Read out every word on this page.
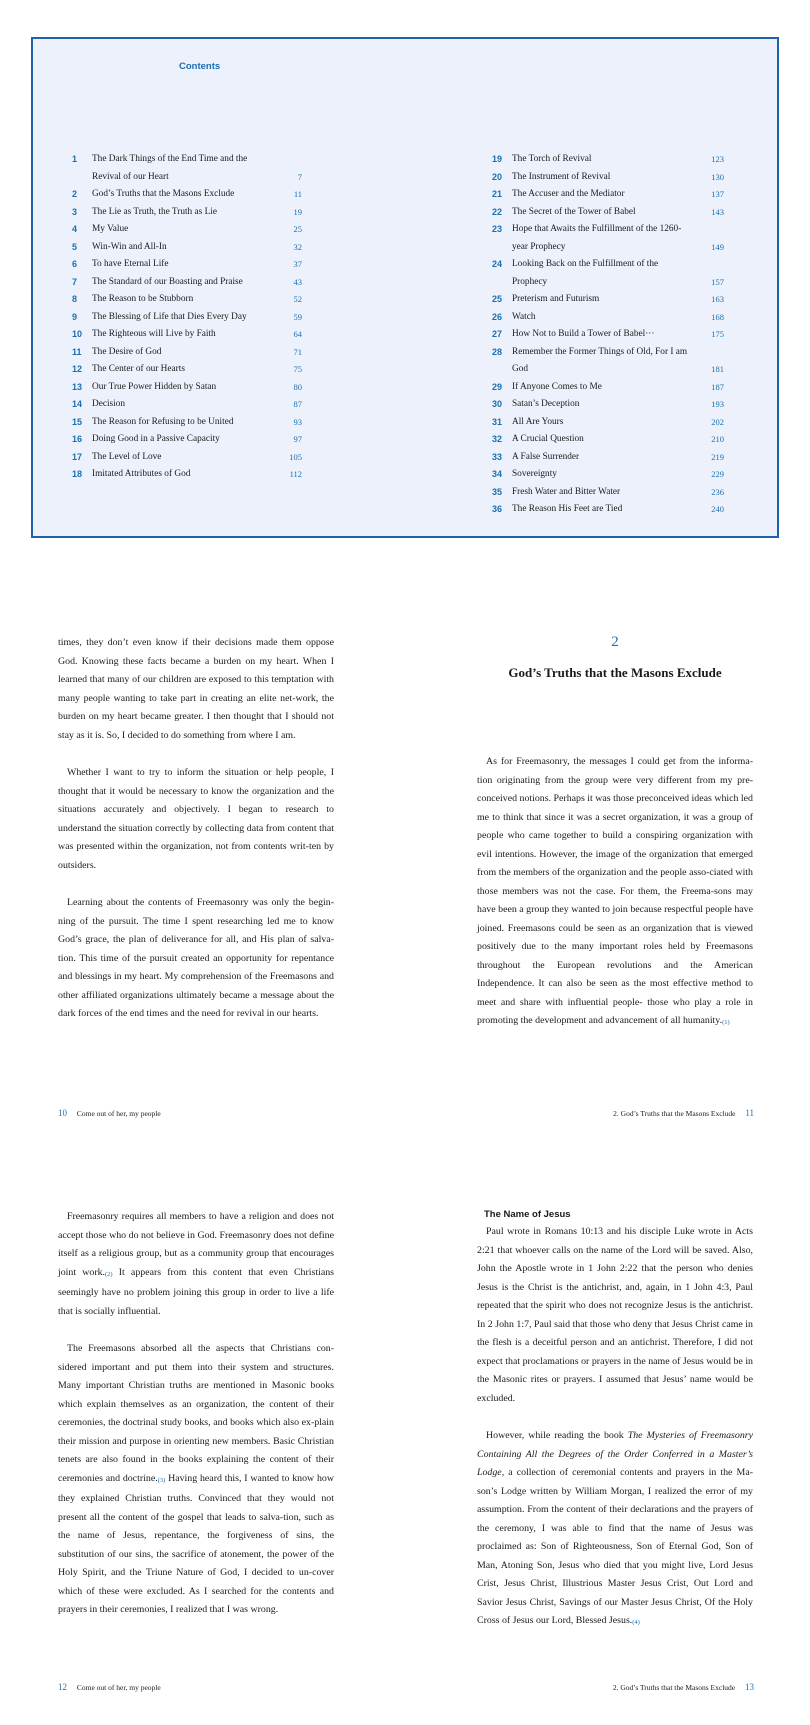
Contents
1	The Dark Things of the End Time and the Revival of our Heart	7
2	God’s Truths that the Masons Exclude	11
3	The Lie as Truth, the Truth as Lie	19
4	My Value	25
5	Win-Win and All-In	32
6	To have Eternal Life	37
7	The Standard of our Boasting and Praise	43
8	The Reason to be Stubborn	52
9	The Blessing of Life that Dies Every Day	59
10	The Righteous will Live by Faith	64
11	The Desire of God	71
12	The Center of our Hearts	75
13	Our True Power Hidden by Satan	80
14	Decision	87
15	The Reason for Refusing to be United	93
16	Doing Good in a Passive Capacity	97
17	The Level of Love	105
18	Imitated Attributes of God	112
19	The Torch of Revival	123
20	The Instrument of Revival	130
21	The Accuser and the Mediator	137
22	The Secret of the Tower of Babel	143
23	Hope that Awaits the Fulfillment of the 1260-year Prophecy	149
24	Looking Back on the Fulfillment of the Prophecy	157
25	Preterism and Futurism	163
26	Watch	168
27	How Not to Build a Tower of Babel···	175
28	Remember the Former Things of Old, For I am God	181
29	If Anyone Comes to Me	187
30	Satan’s Deception	193
31	All Are Yours	202
32	A Crucial Question	210
33	A False Surrender	219
34	Sovereignty	229
35	Fresh Water and Bitter Water	236
36	The Reason His Feet are Tied	240

times, they don’t even know if their decisions made them oppose God. Knowing these facts became a burden on my heart. When I learned that many of our children are exposed to this temptation with many people wanting to take part in creating an elite net-work, the burden on my heart became greater. I then thought that I should not stay as it is. So, I decided to do something from where I am.

Whether I want to try to inform the situation or help people, I thought that it would be necessary to know the organization and the situations accurately and objectively. I began to research to understand the situation correctly by collecting data from content that was presented within the organization, not from contents writ-ten by outsiders.

Learning about the contents of Freemasonry was only the begin-ning of the pursuit. The time I spent researching led me to know God’s grace, the plan of deliverance for all, and His plan of salva-tion. This time of the pursuit created an opportunity for repentance and blessings in my heart. My comprehension of the Freemasons and other affiliated organizations ultimately became a message about the dark forces of the end times and the need for revival in our hearts.

10 Come out of her, my people
2
God’s Truths that the Masons Exclude

As for Freemasonry, the messages I could get from the informa-tion originating from the group were very different from my pre-conceived notions. Perhaps it was those preconceived ideas which led me to think that since it was a secret organization, it was a group of people who came together to build a conspiring organization with evil intentions. However, the image of the organization that emerged from the members of the organization and the people asso-ciated with those members was not the case. For them, the Freema-sons may have been a group they wanted to join because respectful people have joined. Freemasons could be seen as an organization that is viewed positively due to the many important roles held by Freemasons throughout the European revolutions and the American Independence. It can also be seen as the most effective method to meet and share with influential people- those who play a role in promoting the development and advancement of all humanity.(1)

2. God’s Truths that the Masons Exclude 11

Freemasonry requires all members to have a religion and does not accept those who do not believe in God. Freemasonry does not define itself as a religious group, but as a community group that encourages joint work.(2) It appears from this content that even Christians seemingly have no problem joining this group in order to live a life that is socially influential.

The Freemasons absorbed all the aspects that Christians con-sidered important and put them into their system and structures. Many important Christian truths are mentioned in Masonic books which explain themselves as an organization, the content of their ceremonies, the doctrinal study books, and books which also ex-plain their mission and purpose in orienting new members. Basic Christian tenets are also found in the books explaining the content of their ceremonies and doctrine.(3) Having heard this, I wanted to know how they explained Christian truths. Convinced that they would not present all the content of the gospel that leads to salva-tion, such as the name of Jesus, repentance, the forgiveness of sins, the substitution of our sins, the sacrifice of atonement, the power of the Holy Spirit, and the Triune Nature of God, I decided to un-cover which of these were excluded. As I searched for the contents and prayers in their ceremonies, I realized that I was wrong.

12 Come out of her, my people
The Name of Jesus

Paul wrote in Romans 10:13 and his disciple Luke wrote in Acts 2:21 that whoever calls on the name of the Lord will be saved. Also, John the Apostle wrote in 1 John 2:22 that the person who denies Jesus is the Christ is the antichrist, and, again, in 1 John 4:3, Paul repeated that the spirit who does not recognize Jesus is the antichrist. In 2 John 1:7, Paul said that those who deny that Jesus Christ came in the flesh is a deceitful person and an antichrist. Therefore, I did not expect that proclamations or prayers in the name of Jesus would be in the Masonic rites or prayers. I assumed that Jesus’ name would be excluded.

However, while reading the book The Mysteries of Freemasonry Containing All the Degrees of the Order Conferred in a Master’s Lodge, a collection of ceremonial contents and prayers in the Ma-son’s Lodge written by William Morgan, I realized the error of my assumption. From the content of their declarations and the prayers of the ceremony, I was able to find that the name of Jesus was proclaimed as: Son of Righteousness, Son of Eternal God, Son of Man, Atoning Son, Jesus who died that you might live, Lord Jesus Crist, Jesus Christ, Illustrious Master Jesus Crist, Out Lord and Savior Jesus Christ, Savings of our Master Jesus Christ, Of the Holy Cross of Jesus our Lord, Blessed Jesus.(4)

2. God’s Truths that the Masons Exclude 13
